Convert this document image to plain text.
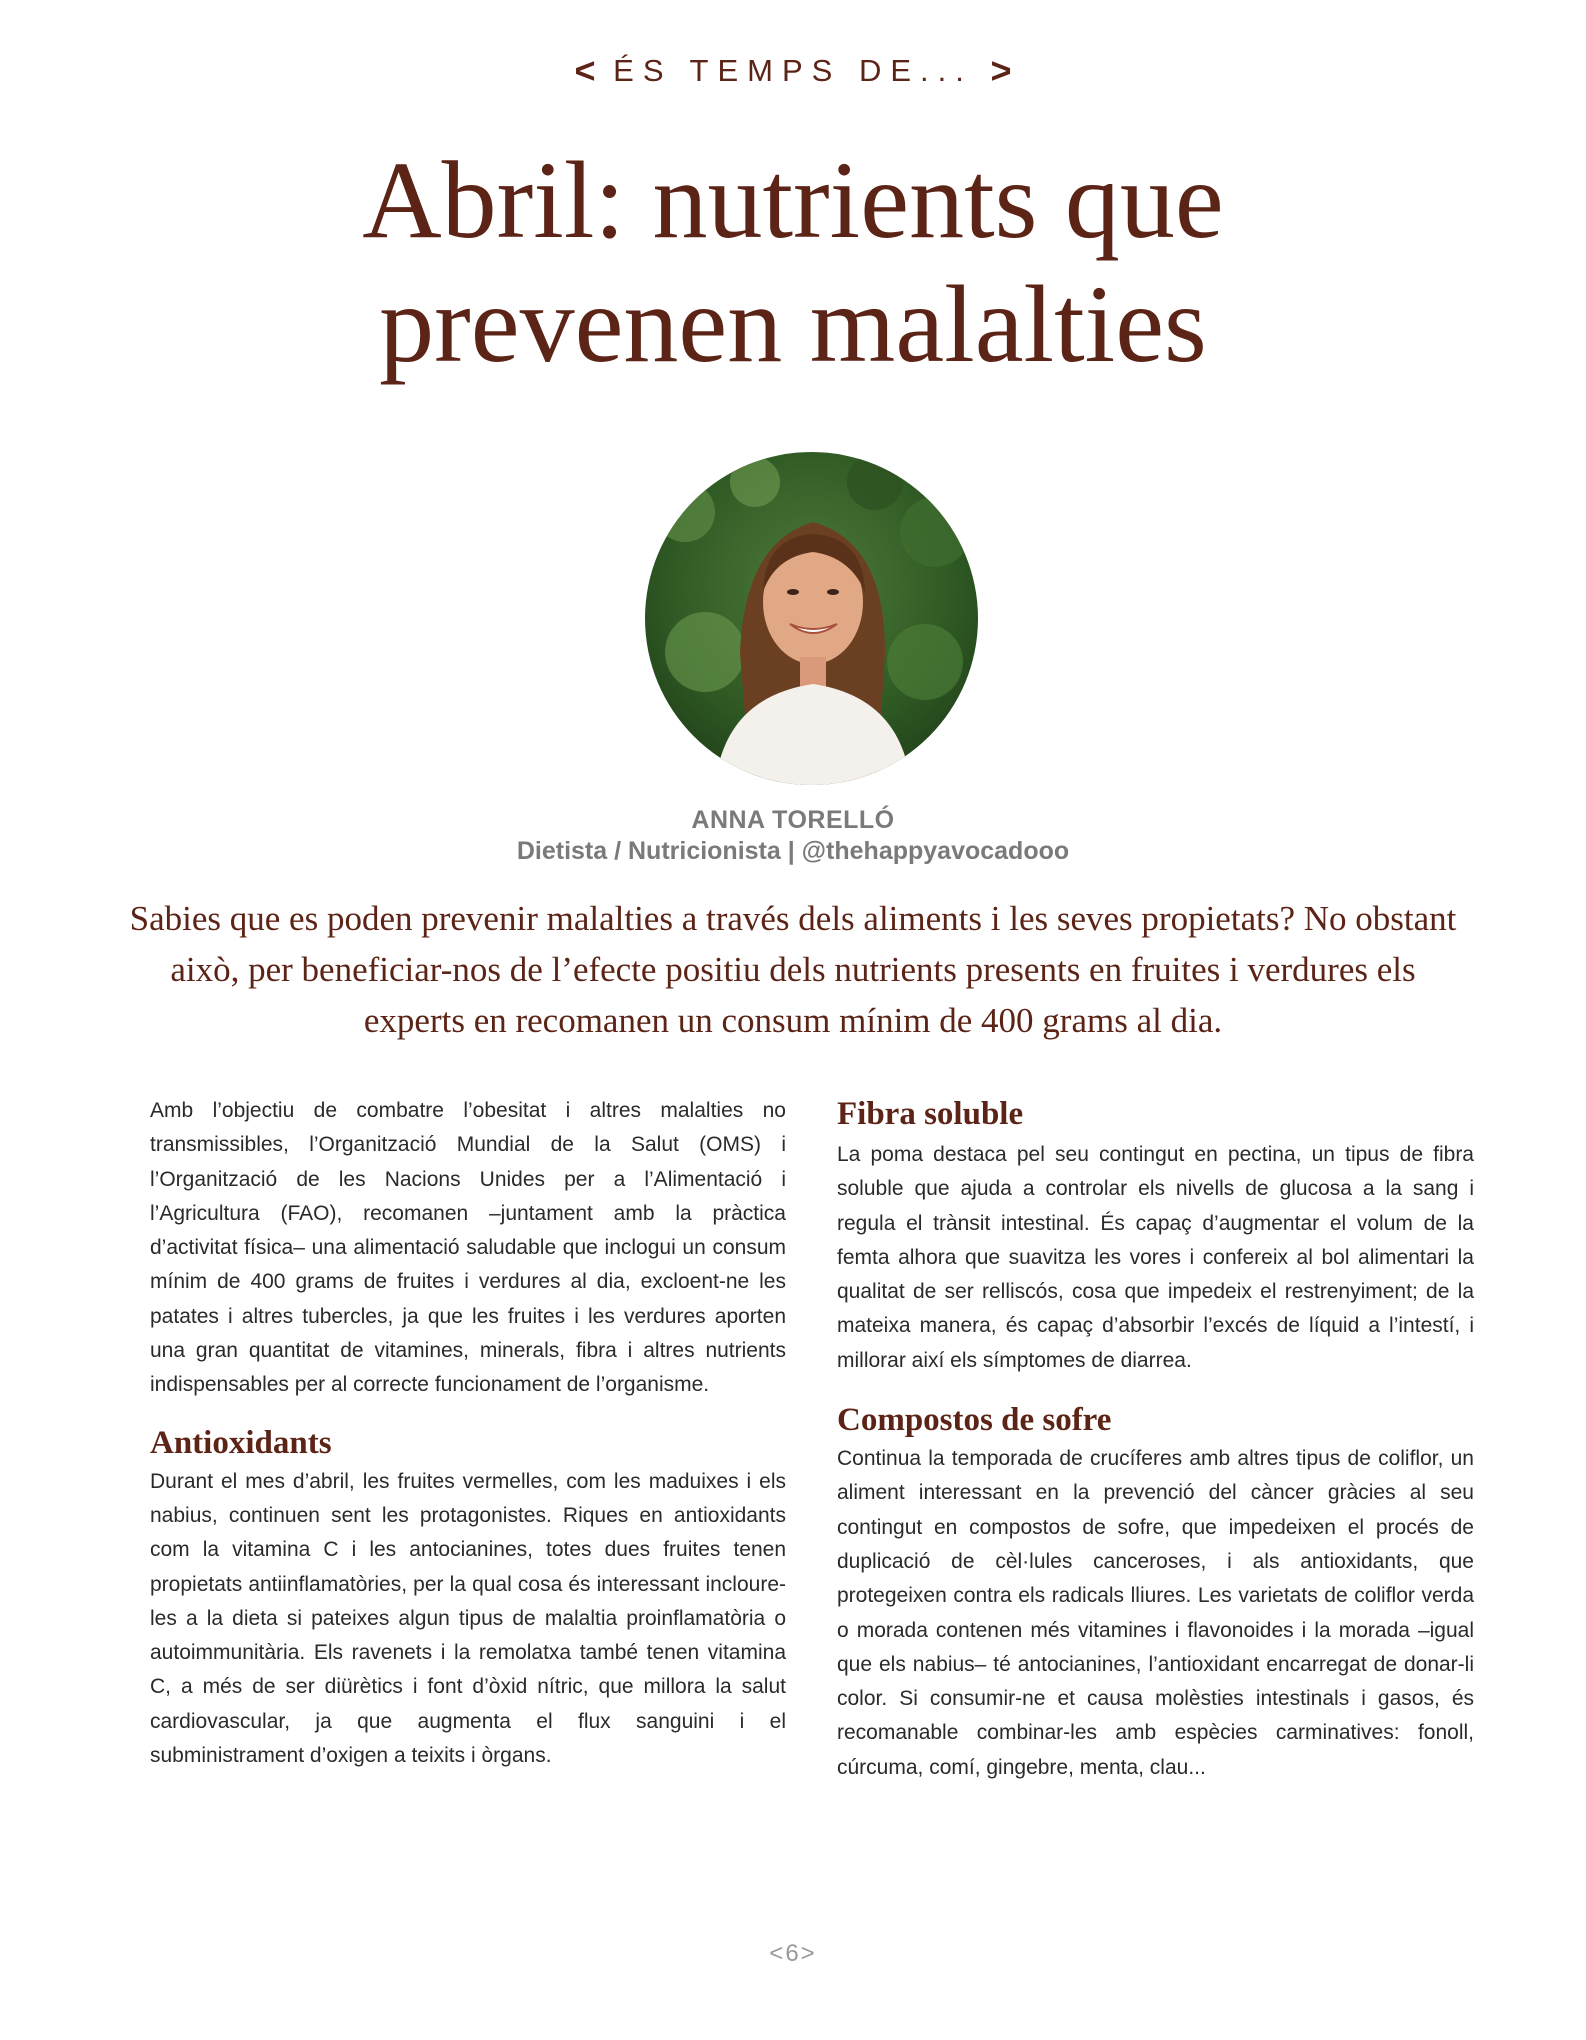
< ÉS TEMPS DE... >
Abril: nutrients que
prevenen malalties
ANNA TORELLÓ
Dietista / Nutricionista | @thehappyavocadooo

Sabies que es poden prevenir malalties a través dels aliments i les seves propietats? No obstant això, per beneficiar-nos de l’efecte positiu dels nutrients presents en fruites i verdures els experts en recomanen un consum mínim de 400 grams al dia.

Amb l’objectiu de combatre l’obesitat i altres malalties no transmissibles, l’Organització Mundial de la Salut (OMS) i l’Organització de les Nacions Unides per a l’Alimentació i l’Agricultura (FAO), recomanen –juntament amb la pràctica d’activitat física– una alimentació saludable que inclogui un consum mínim de 400 grams de fruites i verdures al dia, excloent-ne les patates i altres tubercles, ja que les fruites i les verdures aporten una gran quantitat de vitamines, minerals, fibra i altres nutrients indispensables per al correcte funcionament de l’organisme.

Antioxidants

Durant el mes d’abril, les fruites vermelles, com les maduixes i els nabius, continuen sent les protagonistes. Riques en antioxidants com la vitamina C i les antocianines, totes dues fruites tenen propietats antiinflamatòries, per la qual cosa és interessant incloure-les a la dieta si pateixes algun tipus de malaltia proinflamatòria o autoimmunitària. Els ravenets i la remolatxa també tenen vitamina C, a més de ser diürètics i font d’òxid nítric, que millora la salut cardiovascular, ja que augmenta el flux sanguini i el subministrament d’oxigen a teixits i òrgans.

Fibra soluble

La poma destaca pel seu contingut en pectina, un tipus de fibra soluble que ajuda a controlar els nivells de glucosa a la sang i regula el trànsit intestinal. És capaç d’augmentar el volum de la femta alhora que suavitza les vores i confereix al bol alimentari la qualitat de ser relliscós, cosa que impedeix el restrenyiment; de la mateixa manera, és capaç d’absorbir l’excés de líquid a l’intestí, i millorar així els símptomes de diarrea.

Compostos de sofre

Continua la temporada de crucíferes amb altres tipus de coliflor, un aliment interessant en la prevenció del càncer gràcies al seu contingut en compostos de sofre, que impedeixen el procés de duplicació de cèl·lules canceroses, i als antioxidants, que protegeixen contra els radicals lliures. Les varietats de coliflor verda o morada contenen més vitamines i flavonoides i la morada –igual que els nabius– té antocianines, l’antioxidant encarregat de donar-li color. Si consumir-ne et causa molèsties intestinals i gasos, és recomanable combinar-les amb espècies carminatives: fonoll, cúrcuma, comí, gingebre, menta, clau...

<6>
